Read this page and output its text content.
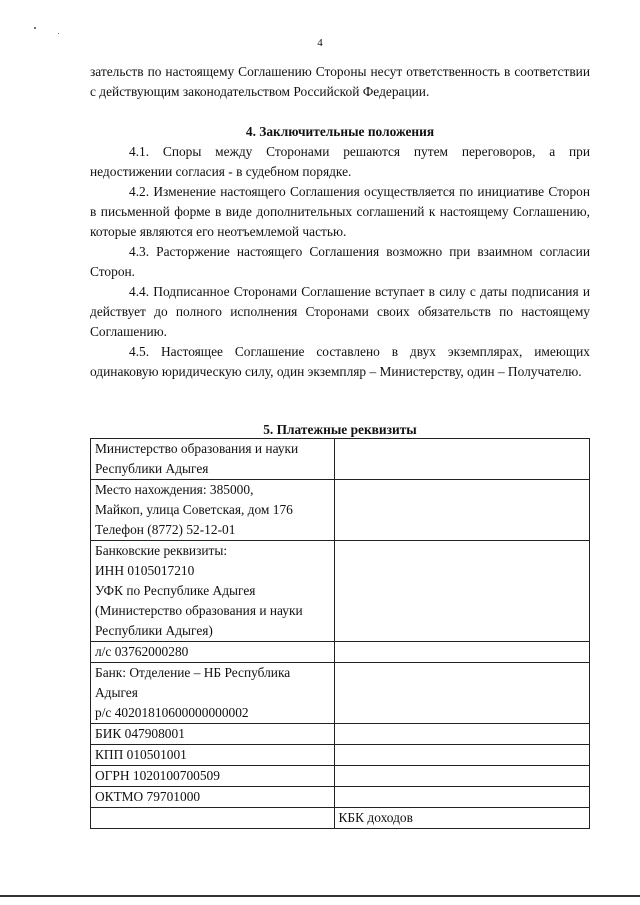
4

зательств по настоящему Соглашению Стороны несут ответственность в соответствии с действующим законодательством Российской Федерации.

4. Заключительные положения

4.1. Споры между Сторонами решаются путем переговоров, а при недостижении согласия - в судебном порядке.

4.2. Изменение настоящего Соглашения осуществляется по инициативе Сторон в письменной форме в виде дополнительных соглашений к настоящему Соглашению, которые являются его неотъемлемой частью.

4.3. Расторжение настоящего Соглашения возможно при взаимном согласии Сторон.

4.4. Подписанное Сторонами Соглашение вступает в силу с даты подписания и действует до полного исполнения Сторонами своих обязательств по настоящему Соглашению.

4.5. Настоящее Соглашение составлено в двух экземплярах, имеющих одинаковую юридическую силу, один экземпляр – Министерству, один – Получателю.

5. Платежные реквизиты

Министерство образования и науки
Республики Адыгея	

Место нахождения: 385000,
Майкоп, улица Советская, дом 176
Телефон (8772) 52-12-01	

Банковские реквизиты:
ИНН 0105017210
УФК по Республике Адыгея
(Министерство образования и науки
Республики Адыгея)	

л/с 03762000280	

Банк: Отделение – НБ Республика
Адыгея
р/с 40201810600000000002	

БИК 047908001	

КПП 010501001	

ОГРН 1020100700509	

ОКТМО 79701000	

	КБК доходов
